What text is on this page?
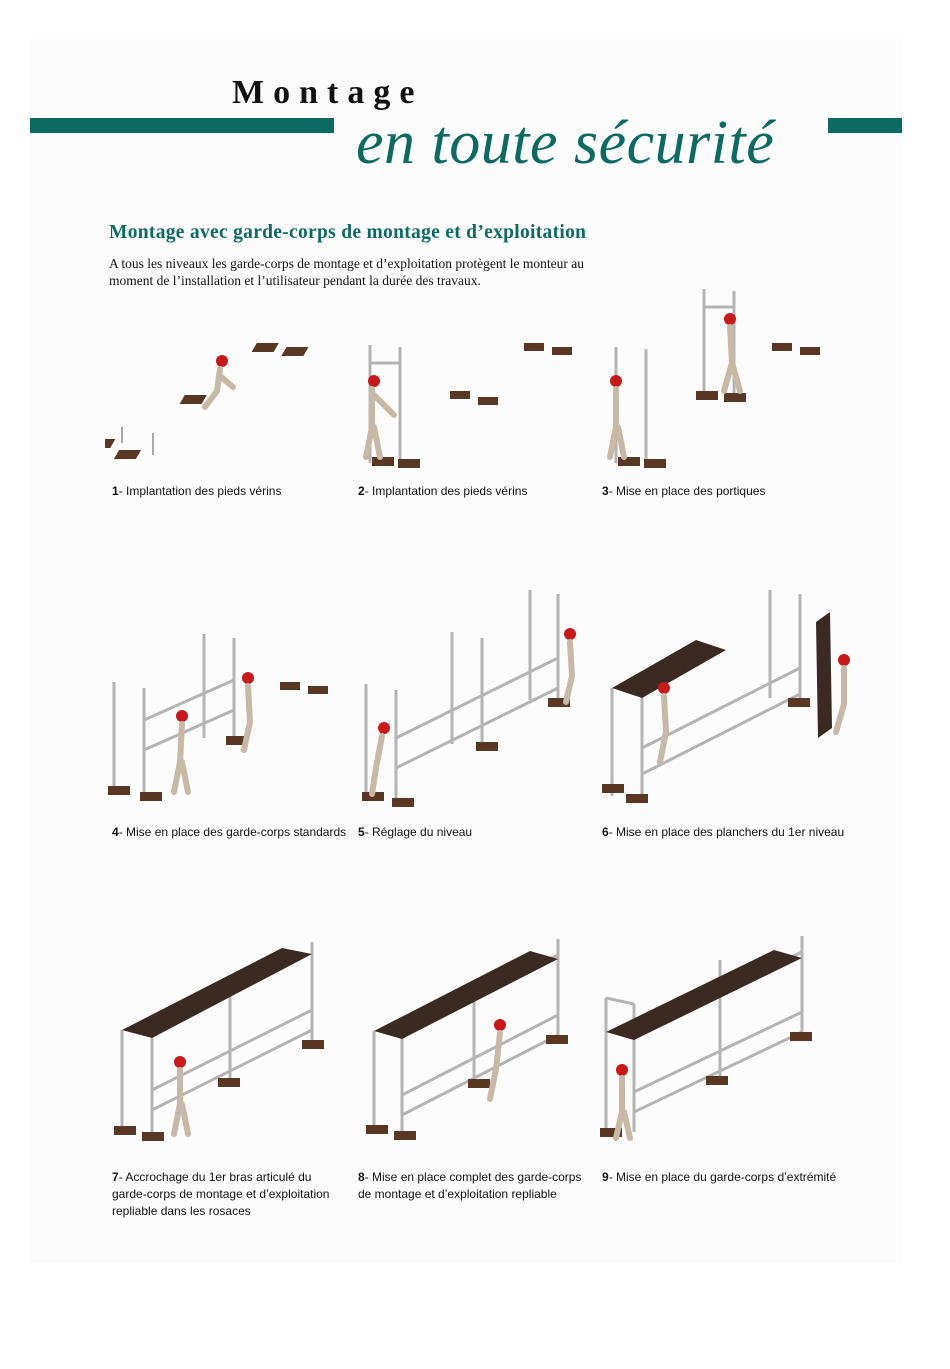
Montage
en toute sécurité
Montage avec garde-corps de montage et d’exploitation
A tous les niveaux les garde-corps de montage et d’exploitation protègent le monteur au moment de l’installation et l’utilisateur pendant la durée des travaux.
1- Implantation des pieds vérins	2- Implantation des pieds vérins	3- Mise en place des portiques
4- Mise en place des garde-corps standards 5- Réglage du niveau	6- Mise en place des planchers du 1er niveau
7- Accrochage du 1er bras articulé du
garde-corps de montage et d’exploitation
repliable dans les rosaces
8- Mise en place complet des garde-corps
de montage et d’exploitation repliable
9- Mise en place du garde-corps d’extrémité
